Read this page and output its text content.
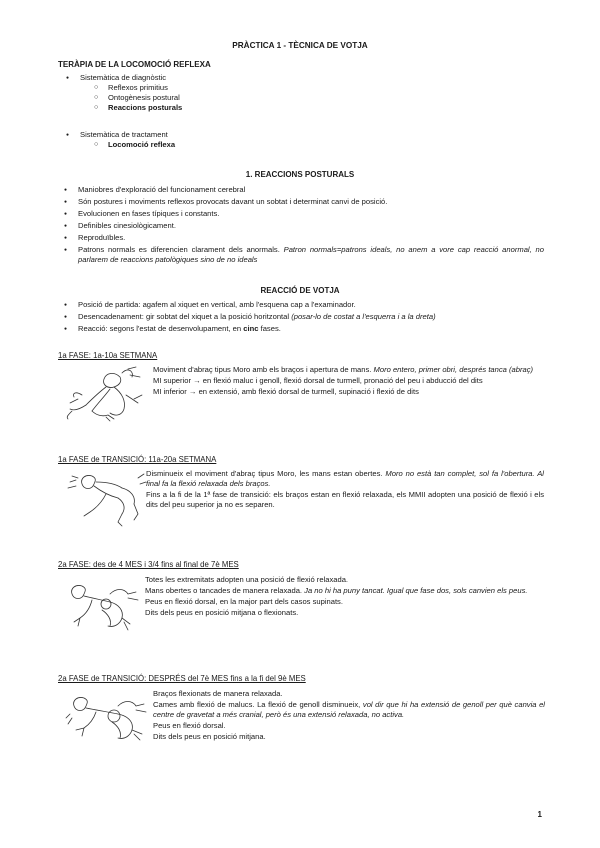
PRÀCTICA 1 - TÈCNICA DE VOTJA
TERÀPIA DE LA LOCOMOCIÓ REFLEXA
● Sistemàtica de diagnòstic
○ Reflexos primitius
○ Ontogènesis postural
○ Reaccions posturals
● Sistemàtica de tractament
○ Locomoció reflexa
1. REACCIONS POSTURALS
● Maniobres d'exploració del funcionament cerebral
● Són postures i moviments reflexos provocats davant un sobtat i determinat canvi de posició.
● Evolucionen en fases típiques i constants.
● Definibles cinesiològicament.
● Reproduïbles.
● Patrons normals es diferencien clarament dels anormals. Patron normals=patrons ideals, no anem a vore cap reacció anormal, no parlarem de reaccions patològiques sino de no ideals
REACCIÓ DE VOTJA
● Posició de partida: agafem al xiquet en vertical, amb l'esquena cap a l'examinador.
● Desencadenament: gir sobtat del xiquet a la posició horitzontal (posar-lo de costat a l'esquerra i a la dreta)
● Reacció: segons l'estat de desenvolupament, en cinc fases.
1a FASE: 1a-10a SETMANA

Moviment d'abraç tipus Moro amb els braços i apertura de mans. Moro entero, primer obri, després tanca (abraç)

MI superior → en flexió maluc i genoll, flexió dorsal de turmell, pronació del peu i abducció del dits

MI inferior → en extensió, amb flexió dorsal de turmell, supinació i flexió de dits

1a FASE de TRANSICIÓ: 11a-20a SETMANA

Disminueix el moviment d'abraç tipus Moro, les mans estan obertes. Moro no està tan complet, sol fa l'obertura. Al final fa la flexió relaxada dels braços.

Fins a la fi de la 1ª fase de transició: els braços estan en flexió relaxada, els MMII adopten una posició de flexió i els dits del peu superior ja no es separen.

2a FASE: des de 4 MES i 3/4 fins al final de 7è MES

Totes les extremitats adopten una posició de flexió relaxada.

Mans obertes o tancades de manera relaxada. Ja no hi ha puny tancat. Igual que fase dos, sols canvien els peus.

Peus en flexió dorsal, en la major part dels casos supinats.

Dits dels peus en posició mitjana o flexionats.

2a FASE de TRANSICIÓ: DESPRÉS del 7è MES fins a la fi del 9è MES

Braços flexionats de manera relaxada.

Cames amb flexió de malucs. La flexió de genoll disminueix, vol dir que hi ha extensió de genoll per què canvia el centre de gravetat a més cranial, però és una extensió relaxada, no activa.

Peus en flexió dorsal.

Dits dels peus en posició mitjana.

1
